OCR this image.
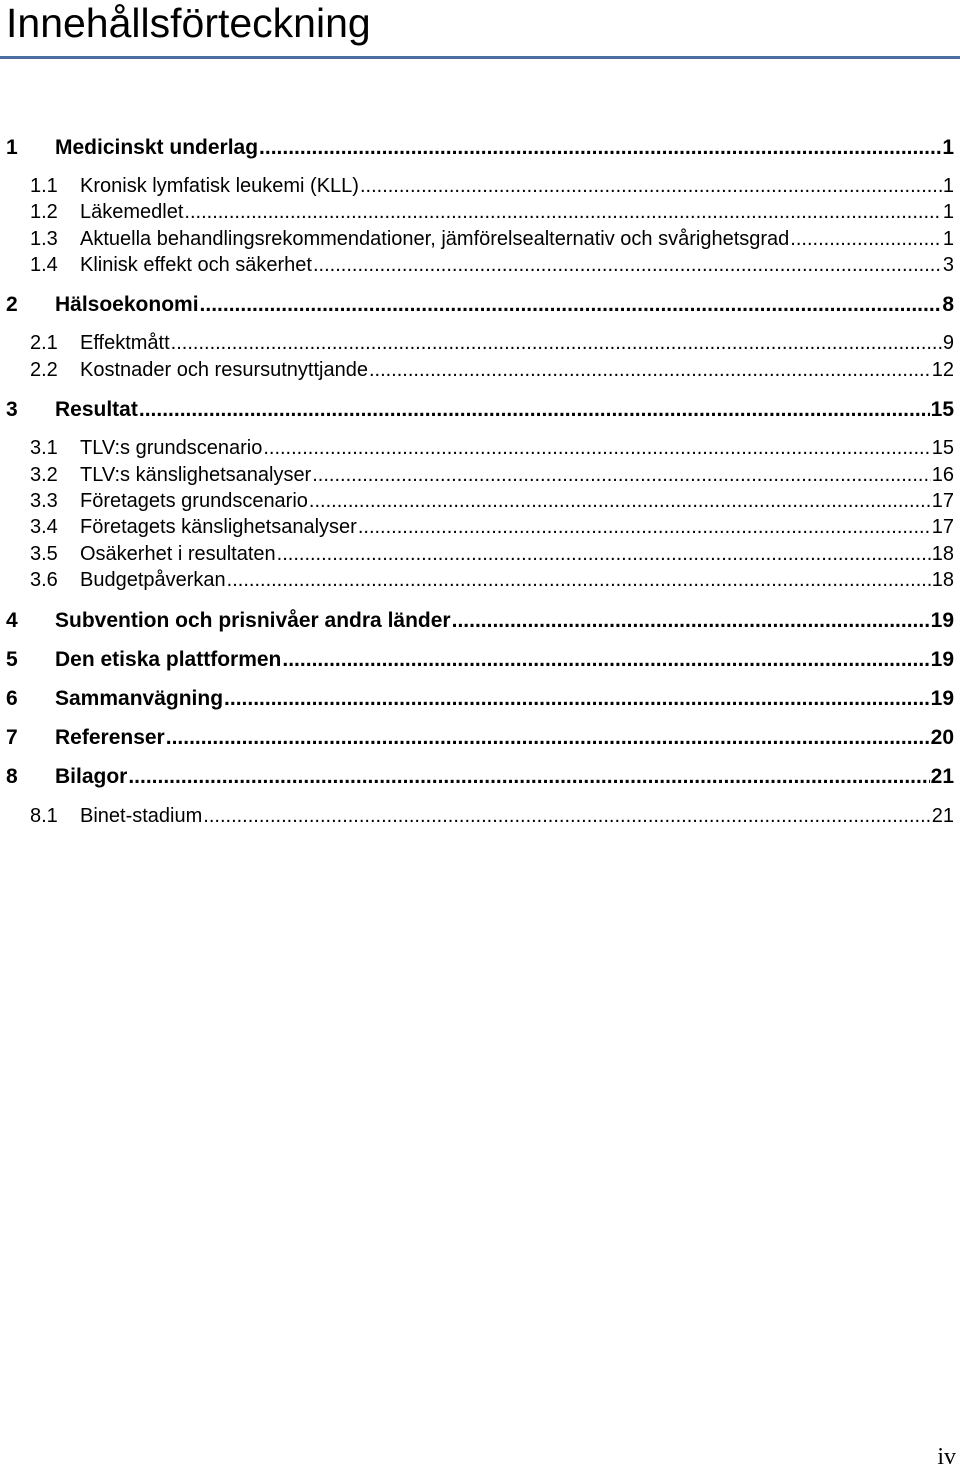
Innehållsförteckning
1	Medicinskt underlag .....	1
1.1	Kronisk lymfatisk leukemi (KLL) .....	1
1.2	Läkemedlet .....	1
1.3	Aktuella behandlingsrekommendationer, jämförelsealternativ och svårighetsgrad .....	1
1.4	Klinisk effekt och säkerhet .....	3
2	Hälsoekonomi .....	8
2.1	Effektmått .....	9
2.2	Kostnader och resursutnyttjande .....	12
3	Resultat .....	15
3.1	TLV:s grundscenario .....	15
3.2	TLV:s känslighetsanalyser .....	16
3.3	Företagets grundscenario .....	17
3.4	Företagets känslighetsanalyser .....	17
3.5	Osäkerhet i resultaten .....	18
3.6	Budgetpåverkan .....	18
4	Subvention och prisnivåer andra länder .....	19
5	Den etiska plattformen .....	19
6	Sammanvägning .....	19
7	Referenser .....	20
8	Bilagor .....	21
8.1	Binet-stadium .....	21
iv
